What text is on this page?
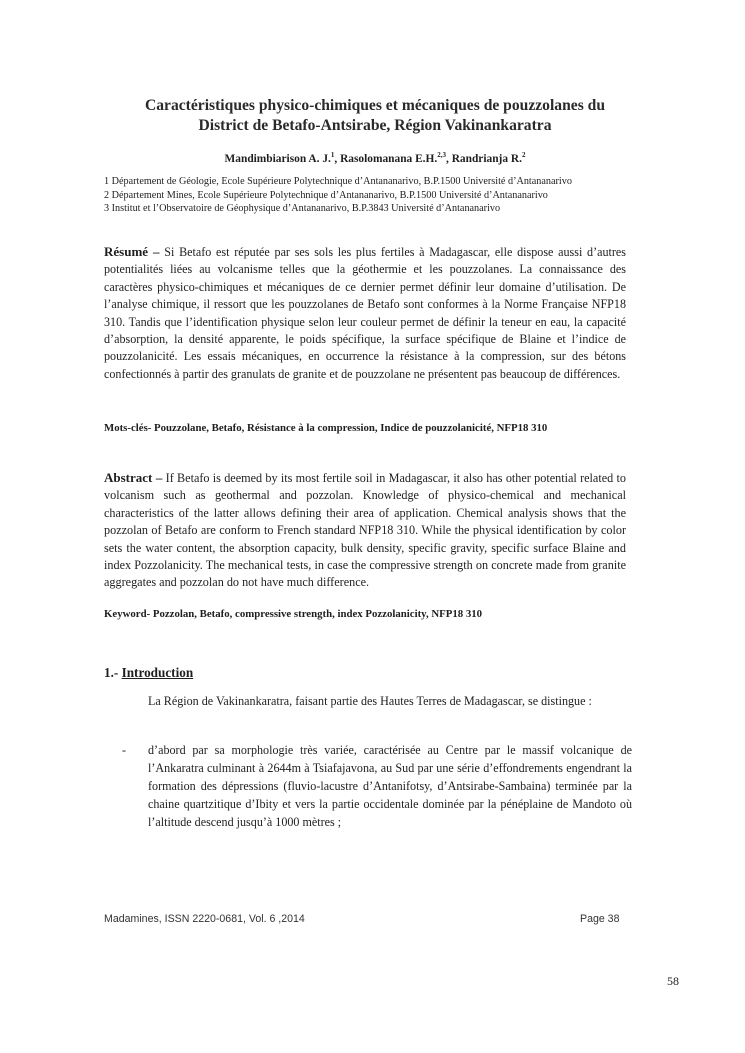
Caractéristiques physico-chimiques et mécaniques de pouzzolanes du
District de Betafo-Antsirabe, Région Vakinankaratra
Mandimbiarison A. J.$^1$, Rasolomanana E.H.$^{2,3}$, Randrianja R.$^2$
1 Département de Géologie, Ecole Supérieure Polytechnique d’Antananarivo, B.P.1500 Université d’Antananarivo
2 Département Mines, Ecole Supérieure Polytechnique d’Antananarivo, B.P.1500 Université d’Antananarivo
3 Institut et l’Observatoire de Géophysique d’Antananarivo, B.P.3843 Université d’Antananarivo
Résumé – Si Betafo est réputée par ses sols les plus fertiles à Madagascar, elle dispose aussi d’autres potentialités liées au volcanisme telles que la géothermie et les pouzzolanes. La connaissance des caractères physico-chimiques et mécaniques de ce dernier permet définir leur domaine d’utilisation. De l’analyse chimique, il ressort que les pouzzolanes de Betafo sont conformes à la Norme Française NFP18 310. Tandis que l’identification physique selon leur couleur permet de définir la teneur en eau, la capacité d’absorption, la densité apparente, le poids spécifique, la surface spécifique de Blaine et l’indice de pouzzolanicité. Les essais mécaniques, en occurrence la résistance à la compression, sur des bétons confectionnés à partir des granulats de granite et de pouzzolane ne présentent pas beaucoup de différences.
Mots-clés- Pouzzolane, Betafo, Résistance à la compression, Indice de pouzzolanicité, NFP18 310
Abstract – If Betafo is deemed by its most fertile soil in Madagascar, it also has other potential related to volcanism such as geothermal and pozzolan. Knowledge of physico-chemical and mechanical characteristics of the latter allows defining their area of application. Chemical analysis shows that the pozzolan of Betafo are conform to French standard NFP18 310. While the physical identification by color sets the water content, the absorption capacity, bulk density, specific gravity, specific surface Blaine and index Pozzolanicity. The mechanical tests, in case the compressive strength on concrete made from granite aggregates and pozzolan do not have much difference.
Keyword- Pozzolan, Betafo, compressive strength, index Pozzolanicity, NFP18 310
1.- Introduction
La Région de Vakinankaratra, faisant partie des Hautes Terres de Madagascar, se distingue :
- d’abord par sa morphologie très variée, caractérisée au Centre par le massif volcanique de l’Ankaratra culminant à 2644m à Tsiafajavona, au Sud par une série d’effondrements engendrant la formation des dépressions (fluvio-lacustre d’Antanifotsy, d’Antsirabe-Sambaina) terminée par la chaine quartzitique d’Ibity et vers la partie occidentale dominée par la pénéplaine de Mandoto où l’altitude descend jusqu’à 1000 mètres ;
Madamines, ISSN 2220-0681, Vol. 6 ,2014	Page 38
58
